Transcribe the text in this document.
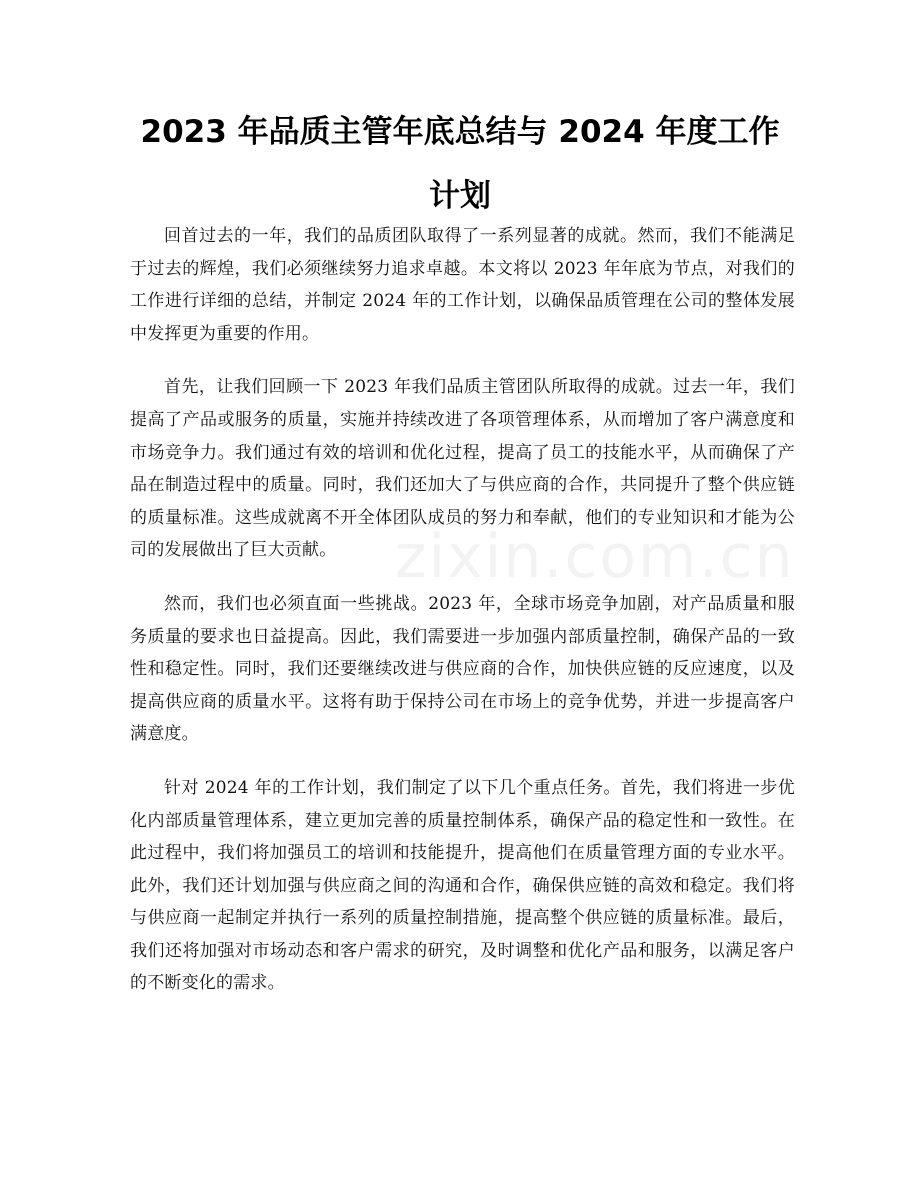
2023 年品质主管年底总结与 2024 年度工作计划
zixin.com.cn

回首过去的一年，我们的品质团队取得了一系列显著的成就。然而，我们不能满足于过去的辉煌，我们必须继续努力追求卓越。本文将以 2023 年年底为节点，对我们的工作进行详细的总结，并制定 2024 年的工作计划，以确保品质管理在公司的整体发展中发挥更为重要的作用。

首先，让我们回顾一下 2023 年我们品质主管团队所取得的成就。过去一年，我们提高了产品或服务的质量，实施并持续改进了各项管理体系，从而增加了客户满意度和市场竞争力。我们通过有效的培训和优化过程，提高了员工的技能水平，从而确保了产品在制造过程中的质量。同时，我们还加大了与供应商的合作，共同提升了整个供应链的质量标准。这些成就离不开全体团队成员的努力和奉献，他们的专业知识和才能为公司的发展做出了巨大贡献。

然而，我们也必须直面一些挑战。2023 年，全球市场竞争加剧，对产品质量和服务质量的要求也日益提高。因此，我们需要进一步加强内部质量控制，确保产品的一致性和稳定性。同时，我们还要继续改进与供应商的合作，加快供应链的反应速度，以及提高供应商的质量水平。这将有助于保持公司在市场上的竞争优势，并进一步提高客户满意度。

针对 2024 年的工作计划，我们制定了以下几个重点任务。首先，我们将进一步优化内部质量管理体系，建立更加完善的质量控制体系，确保产品的稳定性和一致性。在此过程中，我们将加强员工的培训和技能提升，提高他们在质量管理方面的专业水平。此外，我们还计划加强与供应商之间的沟通和合作，确保供应链的高效和稳定。我们将与供应商一起制定并执行一系列的质量控制措施，提高整个供应链的质量标准。最后，我们还将加强对市场动态和客户需求的研究，及时调整和优化产品和服务，以满足客户的不断变化的需求。
